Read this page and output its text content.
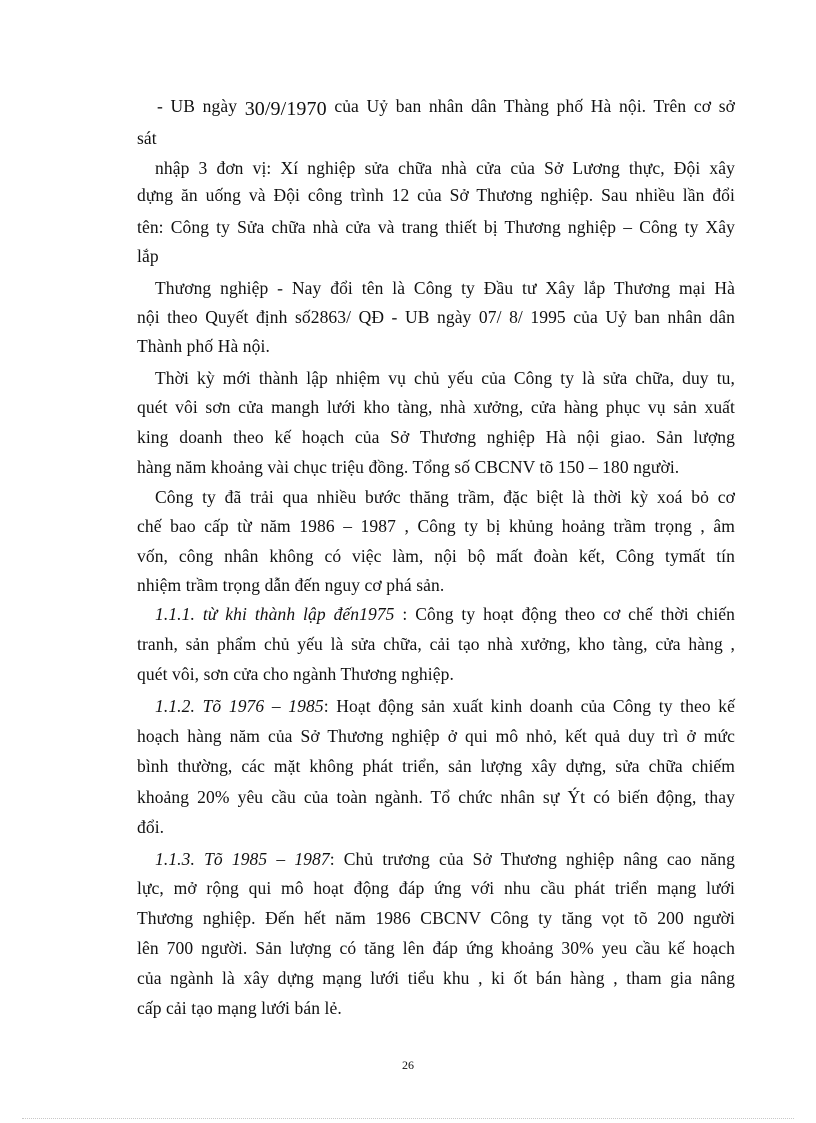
- UB ngày 30/9/1970 của Uỷ ban nhân dân Thàng phố Hà nội. Trên cơ sở
sát
nhập 3 đơn vị: Xí nghiệp sửa chữa nhà cửa của Sở Lương thực, Đội xây
dựng ăn uống và Đội công trình 12 của Sở Thương nghiệp. Sau nhiều lần đổi
tên: Công ty Sửa chữa nhà cửa và trang thiết bị Thương nghiệp – Công ty Xây
lắp
Thương nghiệp - Nay đổi tên là Công ty Đầu tư Xây lắp Thương mại Hà
nội theo Quyết định số2863/ QĐ - UB ngày 07/ 8/ 1995 của Uỷ ban nhân dân
Thành phố Hà nội.
Thời kỳ mới thành lập nhiệm vụ chủ yếu của Công ty là sửa chữa, duy tu,
quét vôi sơn cửa mangh lưới kho tàng, nhà xưởng, cửa hàng phục vụ sản xuất
king doanh theo kế hoạch của Sở Thương nghiệp Hà nội giao. Sản lượng
hàng năm khoảng vài chục triệu đồng. Tổng số CBCNV tõ 150 – 180 người.
Công ty đã trải qua nhiều bước thăng trầm, đặc biệt là thời kỳ xoá bỏ cơ
chế bao cấp từ năm 1986 – 1987 , Công ty bị khủng hoảng trầm trọng , âm
vốn, công nhân không có việc làm, nội bộ mất đoàn kết, Công tymất tín
nhiệm trầm trọng dẫn đến nguy cơ phá sản.
1.1.1. từ khi thành lập đến1975 : Công ty hoạt động theo cơ chế thời chiến
tranh, sản phẩm chủ yếu là sửa chữa, cải tạo nhà xưởng, kho tàng, cửa hàng ,
quét vôi, sơn cửa cho ngành Thương nghiệp.
1.1.2. Tõ 1976 – 1985: Hoạt động sản xuất kinh doanh của Công ty theo kế
hoạch hàng năm của Sở Thương nghiệp ở qui mô nhỏ, kết quả duy trì ở mức
bình thường, các mặt không phát triển, sản lượng xây dựng, sửa chữa chiếm
khoảng 20% yêu cầu của toàn ngành. Tổ chức nhân sự Ýt có biến động, thay
đổi.
1.1.3. Tõ 1985 – 1987: Chủ trương của Sở Thương nghiệp nâng cao năng
lực, mở rộng qui mô hoạt động đáp ứng với nhu cầu phát triển mạng lưới
Thương nghiệp. Đến hết năm 1986 CBCNV Công ty tăng vọt tõ 200 người
lên 700 người. Sản lượng có tăng lên đáp ứng khoảng 30% yeu cầu kế hoạch
của ngành là xây dựng mạng lưới tiểu khu , ki ốt bán hàng , tham gia nâng
cấp cải tạo mạng lưới bán lẻ.
26
